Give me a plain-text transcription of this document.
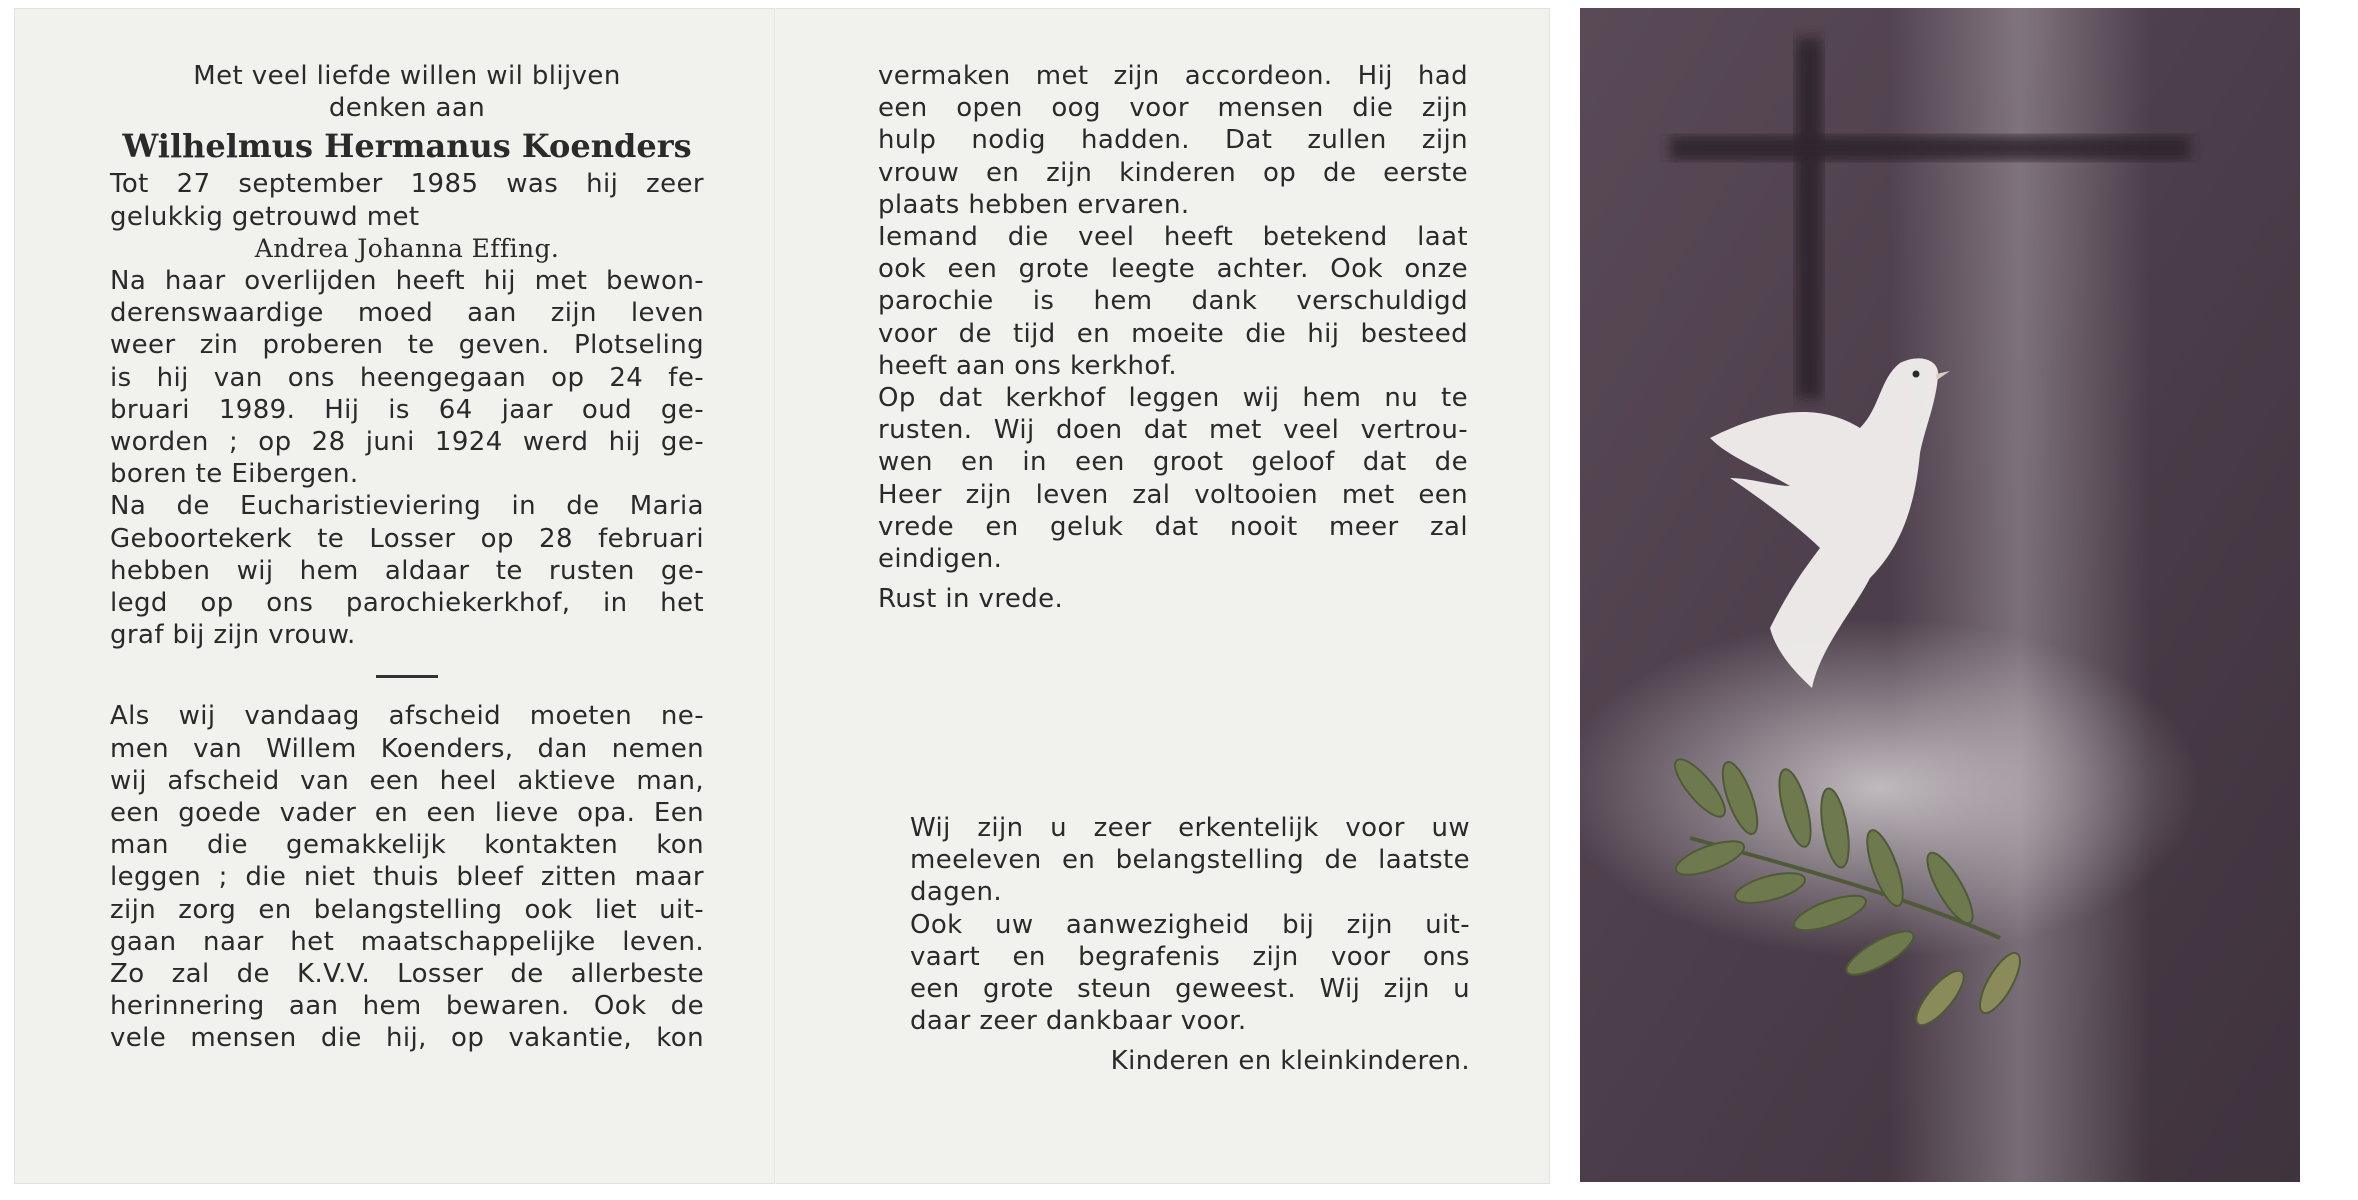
Met veel liefde willen wil blijven

denken aan

Wilhelmus Hermanus Koenders

Tot 27 september 1985 was hij zeer

gelukkig getrouwd met

Andrea Johanna Effing.

Na haar overlijden heeft hij met bewon-

derenswaardige moed aan zijn leven

weer zin proberen te geven. Plotseling

is hij van ons heengegaan op 24 fe-

bruari 1989. Hij is 64 jaar oud ge-

worden ; op 28 juni 1924 werd hij ge-

boren te Eibergen.

Na de Eucharistieviering in de Maria

Geboortekerk te Losser op 28 februari

hebben wij hem aldaar te rusten ge-

legd op ons parochiekerkhof, in het

graf bij zijn vrouw.

Als wij vandaag afscheid moeten ne-

men van Willem Koenders, dan nemen

wij afscheid van een heel aktieve man,

een goede vader en een lieve opa. Een

man die gemakkelijk kontakten kon

leggen ; die niet thuis bleef zitten maar

zijn zorg en belangstelling ook liet uit-

gaan naar het maatschappelijke leven.

Zo zal de K.V.V. Losser de allerbeste

herinnering aan hem bewaren. Ook de

vele mensen die hij, op vakantie, kon

vermaken met zijn accordeon. Hij had

een open oog voor mensen die zijn

hulp nodig hadden. Dat zullen zijn

vrouw en zijn kinderen op de eerste

plaats hebben ervaren.

Iemand die veel heeft betekend laat

ook een grote leegte achter. Ook onze

parochie is hem dank verschuldigd

voor de tijd en moeite die hij besteed

heeft aan ons kerkhof.

Op dat kerkhof leggen wij hem nu te

rusten. Wij doen dat met veel vertrou-

wen en in een groot geloof dat de

Heer zijn leven zal voltooien met een

vrede en geluk dat nooit meer zal

eindigen.

Rust in vrede.

Wij zijn u zeer erkentelijk voor uw

meeleven en belangstelling de laatste

dagen.

Ook uw aanwezigheid bij zijn uit-

vaart en begrafenis zijn voor ons

een grote steun geweest. Wij zijn u

daar zeer dankbaar voor.

Kinderen en kleinkinderen.
